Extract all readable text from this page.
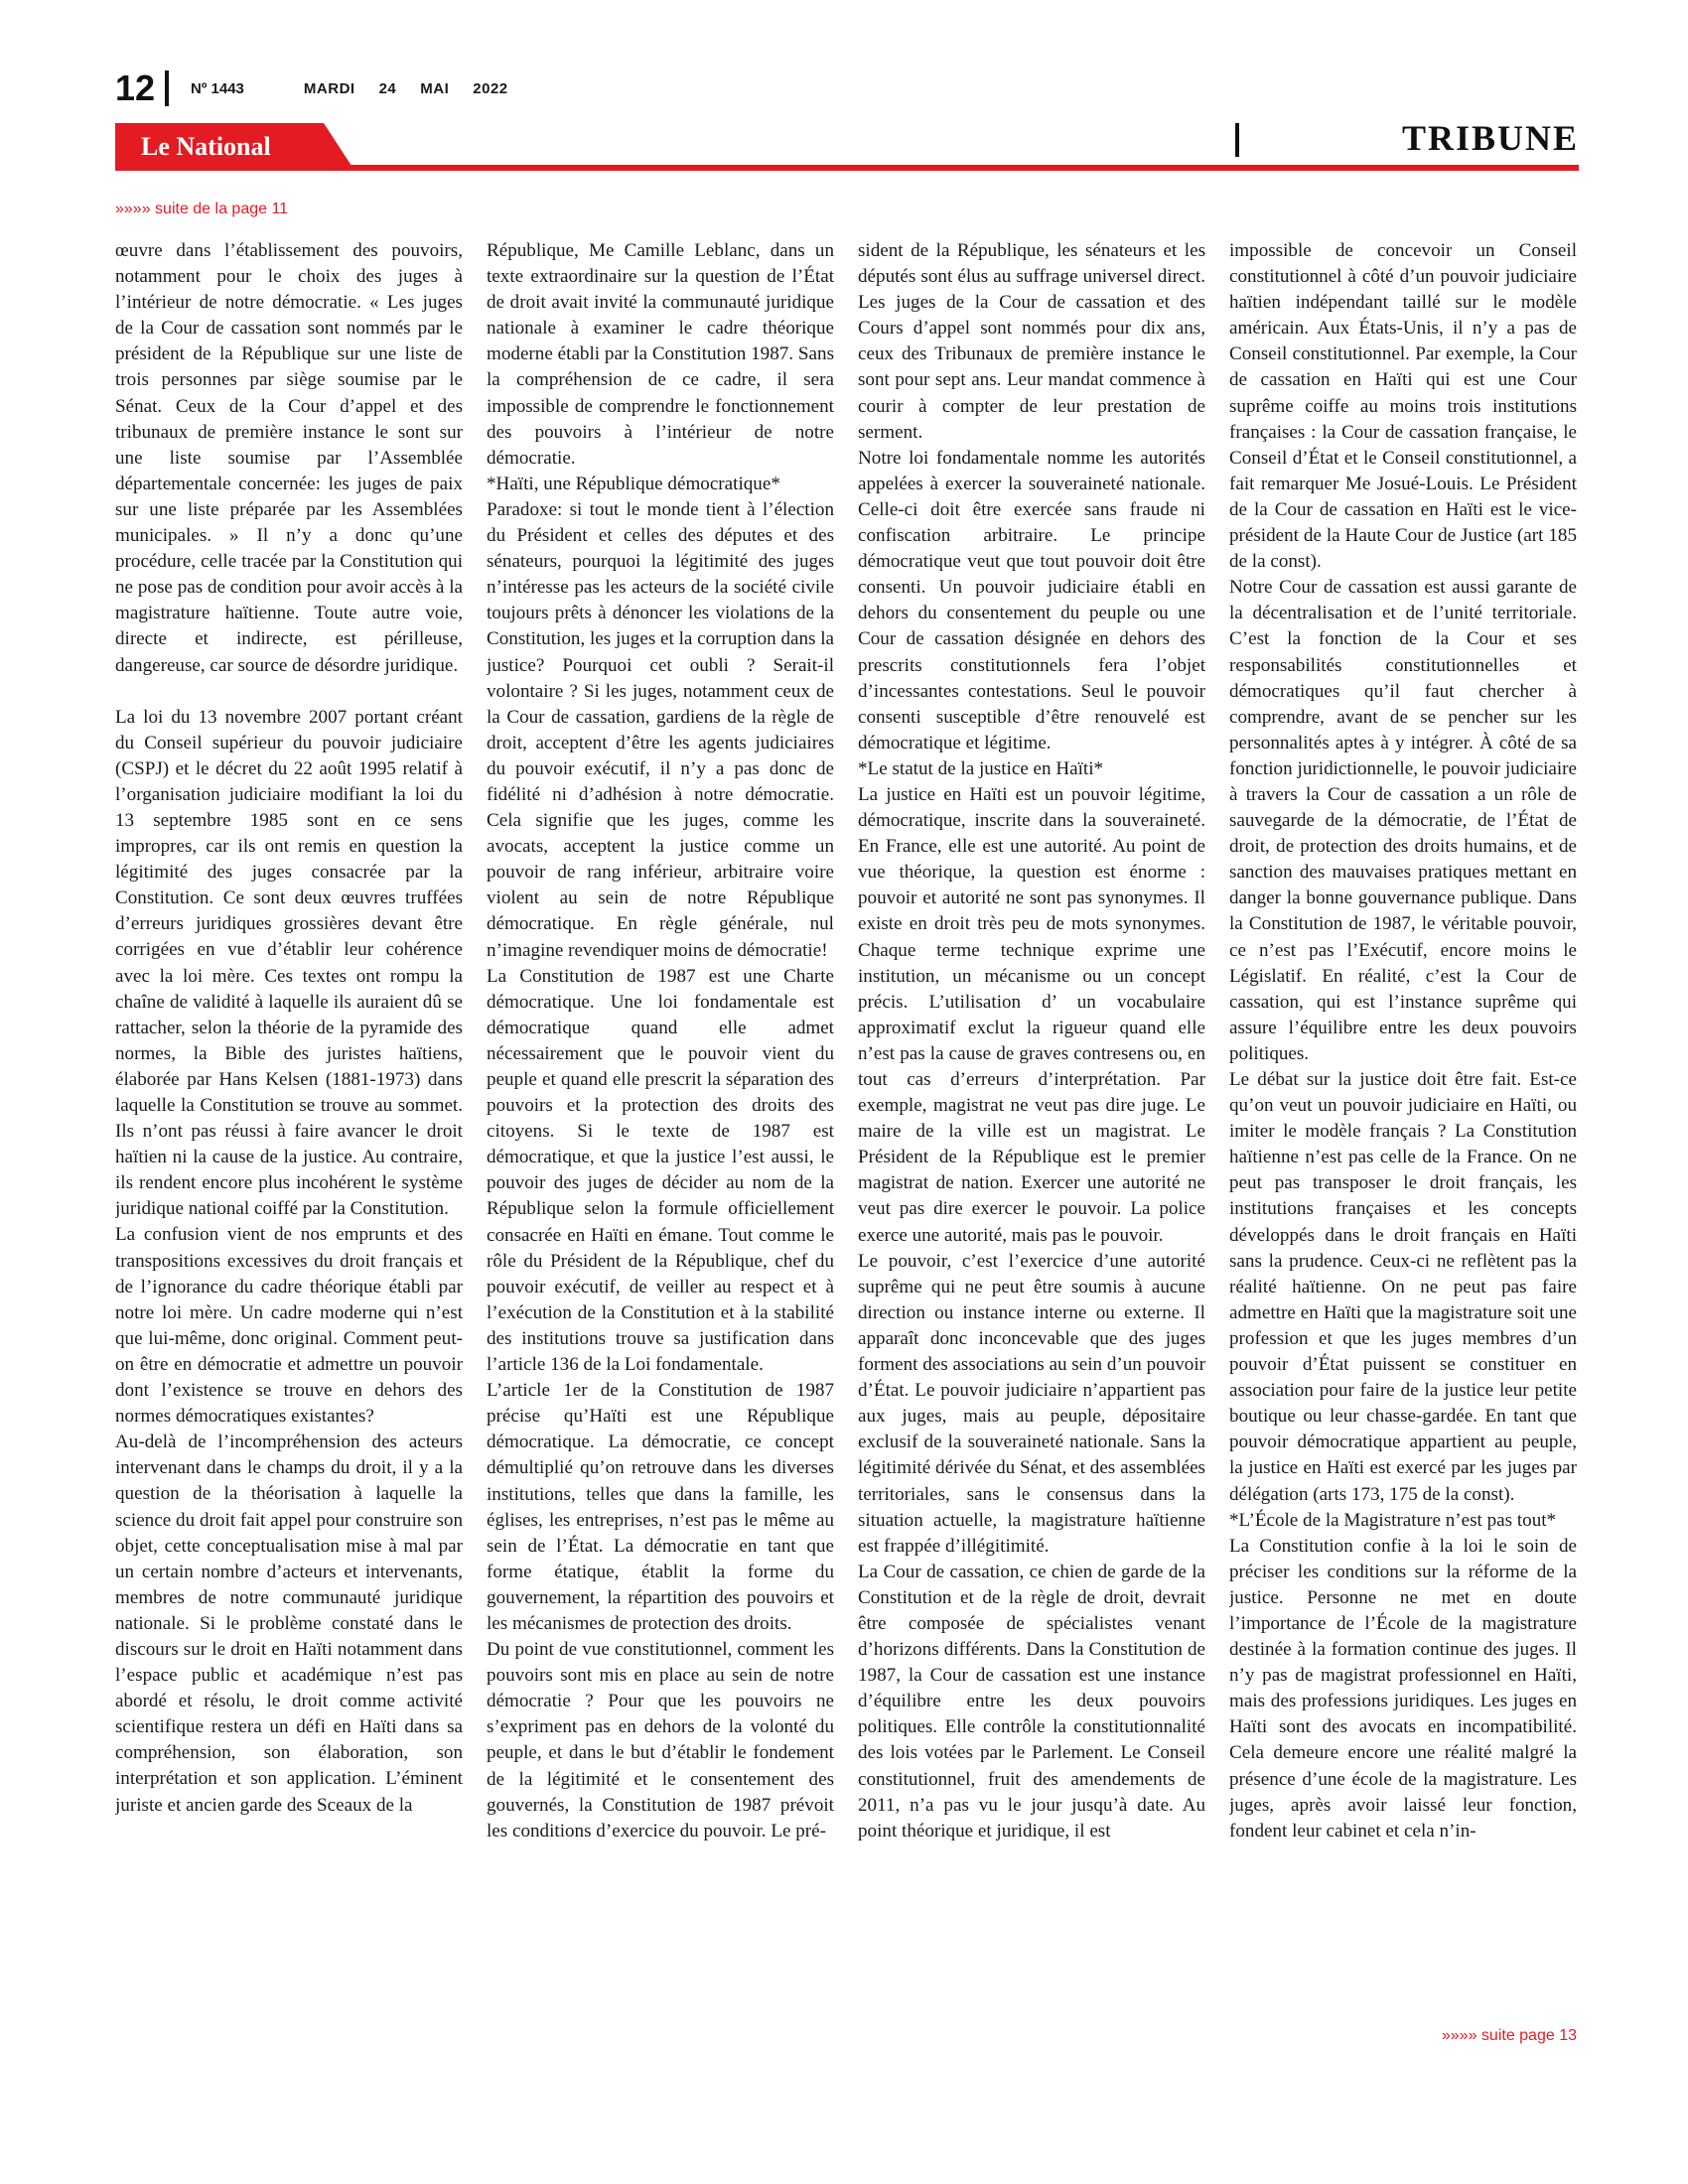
12 Nº 1443	MARDI 24 MAI 2022
Le National	TRIBUNE
»»»» suite de la page 11

œuvre dans l’établissement des pouvoirs, notamment pour le choix des juges à l’intérieur de notre démocratie. « Les juges de la Cour de cassation sont nommés par le président de la République sur une liste de trois personnes par siège soumise par le Sénat. Ceux de la Cour d’appel et des tribunaux de première instance le sont sur une liste soumise par l’Assemblée départementale concernée: les juges de paix sur une liste préparée par les Assemblées municipales. » Il n’y a donc qu’une procédure, celle tracée par la Constitution qui ne pose pas de condition pour avoir accès à la magistrature haïtienne. Toute autre voie, directe et indirecte, est périlleuse, dangereuse, car source de désordre juridique.

La loi du 13 novembre 2007 portant créant du Conseil supérieur du pouvoir judiciaire (CSPJ) et le décret du 22 août 1995 relatif à l’organisation judiciaire modifiant la loi du 13 septembre 1985 sont en ce sens impropres, car ils ont remis en question la légitimité des juges consacrée par la Constitution. Ce sont deux œuvres truffées d’erreurs juridiques grossières devant être corrigées en vue d’établir leur cohérence avec la loi mère. Ces textes ont rompu la chaîne de validité à laquelle ils auraient dû se rattacher, selon la théorie de la pyramide des normes, la Bible des juristes haïtiens, élaborée par Hans Kelsen (1881-1973) dans laquelle la Constitution se trouve au sommet. Ils n’ont pas réussi à faire avancer le droit haïtien ni la cause de la justice. Au contraire, ils rendent encore plus incohérent le système juridique national coiffé par la Constitution.

La confusion vient de nos emprunts et des transpositions excessives du droit français et de l’ignorance du cadre théorique établi par notre loi mère. Un cadre moderne qui n’est que lui-même, donc original. Comment peut-on être en démocratie et admettre un pouvoir dont l’existence se trouve en dehors des normes démocratiques existantes?

Au-delà de l’incompréhension des acteurs intervenant dans le champs du droit, il y a la question de la théorisation à laquelle la science du droit fait appel pour construire son objet, cette conceptualisation mise à mal par un certain nombre d’acteurs et intervenants, membres de notre communauté juridique nationale. Si le problème constaté dans le discours sur le droit en Haïti notamment dans l’espace public et académique n’est pas abordé et résolu, le droit comme activité scientifique restera un défi en Haïti dans sa compréhension, son élaboration, son interprétation et son application. L’éminent juriste et ancien garde des Sceaux de la

République, Me Camille Leblanc, dans un texte extraordinaire sur la question de l’État de droit avait invité la communauté juridique nationale à examiner le cadre théorique moderne établi par la Constitution 1987. Sans la compréhension de ce cadre, il sera impossible de comprendre le fonctionnement des pouvoirs à l’intérieur de notre démocratie.

*Haïti, une République démocratique*

Paradoxe: si tout le monde tient à l’élection du Président et celles des députes et des sénateurs, pourquoi la légitimité des juges n’intéresse pas les acteurs de la société civile toujours prêts à dénoncer les violations de la Constitution, les juges et la corruption dans la justice? Pourquoi cet oubli ? Serait-il volontaire ? Si les juges, notamment ceux de la Cour de cassation, gardiens de la règle de droit, acceptent d’être les agents judiciaires du pouvoir exécutif, il n’y a pas donc de fidélité ni d’adhésion à notre démocratie. Cela signifie que les juges, comme les avocats, acceptent la justice comme un pouvoir de rang inférieur, arbitraire voire violent au sein de notre République démocratique. En règle générale, nul n’imagine revendiquer moins de démocratie!

La Constitution de 1987 est une Charte démocratique. Une loi fondamentale est démocratique quand elle admet nécessairement que le pouvoir vient du peuple et quand elle prescrit la séparation des pouvoirs et la protection des droits des citoyens. Si le texte de 1987 est démocratique, et que la justice l’est aussi, le pouvoir des juges de décider au nom de la République selon la formule officiellement consacrée en Haïti en émane. Tout comme le rôle du Président de la République, chef du pouvoir exécutif, de veiller au respect et à l’exécution de la Constitution et à la stabilité des institutions trouve sa justification dans l’article 136 de la Loi fondamentale.

L’article 1er de la Constitution de 1987 précise qu’Haïti est une République démocratique. La démocratie, ce concept démultiplié qu’on retrouve dans les diverses institutions, telles que dans la famille, les églises, les entreprises, n’est pas le même au sein de l’État. La démocratie en tant que forme étatique, établit la forme du gouvernement, la répartition des pouvoirs et les mécanismes de protection des droits.

Du point de vue constitutionnel, comment les pouvoirs sont mis en place au sein de notre démocratie ? Pour que les pouvoirs ne s’expriment pas en dehors de la volonté du peuple, et dans le but d’établir le fondement de la légitimité et le consentement des gouvernés, la Constitution de 1987 prévoit les conditions d’exercice du pouvoir. Le pré-

sident de la République, les sénateurs et les députés sont élus au suffrage universel direct. Les juges de la Cour de cassation et des Cours d’appel sont nommés pour dix ans, ceux des Tribunaux de première instance le sont pour sept ans. Leur mandat commence à courir à compter de leur prestation de serment.

Notre loi fondamentale nomme les autorités appelées à exercer la souveraineté nationale. Celle-ci doit être exercée sans fraude ni confiscation arbitraire. Le principe démocratique veut que tout pouvoir doit être consenti. Un pouvoir judiciaire établi en dehors du consentement du peuple ou une Cour de cassation désignée en dehors des prescrits constitutionnels fera l’objet d’incessantes contestations. Seul le pouvoir consenti susceptible d’être renouvelé est démocratique et légitime.

*Le statut de la justice en Haïti*

La justice en Haïti est un pouvoir légitime, démocratique, inscrite dans la souveraineté. En France, elle est une autorité. Au point de vue théorique, la question est énorme : pouvoir et autorité ne sont pas synonymes. Il existe en droit très peu de mots synonymes. Chaque terme technique exprime une institution, un mécanisme ou un concept précis. L’utilisation d’ un vocabulaire approximatif exclut la rigueur quand elle n’est pas la cause de graves contresens ou, en tout cas d’erreurs d’interprétation. Par exemple, magistrat ne veut pas dire juge. Le maire de la ville est un magistrat. Le Président de la République est le premier magistrat de nation. Exercer une autorité ne veut pas dire exercer le pouvoir. La police exerce une autorité, mais pas le pouvoir.

Le pouvoir, c’est l’exercice d’une autorité suprême qui ne peut être soumis à aucune direction ou instance interne ou externe. Il apparaît donc inconcevable que des juges forment des associations au sein d’un pouvoir d’État. Le pouvoir judiciaire n’appartient pas aux juges, mais au peuple, dépositaire exclusif de la souveraineté nationale. Sans la légitimité dérivée du Sénat, et des assemblées territoriales, sans le consensus dans la situation actuelle, la magistrature haïtienne est frappée d’illégitimité.

La Cour de cassation, ce chien de garde de la Constitution et de la règle de droit, devrait être composée de spécialistes venant d’horizons différents. Dans la Constitution de 1987, la Cour de cassation est une instance d’équilibre entre les deux pouvoirs politiques. Elle contrôle la constitutionnalité des lois votées par le Parlement. Le Conseil constitutionnel, fruit des amendements de 2011, n’a pas vu le jour jusqu’à date. Au point théorique et juridique, il est

impossible de concevoir un Conseil constitutionnel à côté d’un pouvoir judiciaire haïtien indépendant taillé sur le modèle américain. Aux États-Unis, il n’y a pas de Conseil constitutionnel. Par exemple, la Cour de cassation en Haïti qui est une Cour suprême coiffe au moins trois institutions françaises : la Cour de cassation française, le Conseil d’État et le Conseil constitutionnel, a fait remarquer Me Josué-Louis. Le Président de la Cour de cassation en Haïti est le vice-président de la Haute Cour de Justice (art 185 de la const).

Notre Cour de cassation est aussi garante de la décentralisation et de l’unité territoriale. C’est la fonction de la Cour et ses responsabilités constitutionnelles et démocratiques qu’il faut chercher à comprendre, avant de se pencher sur les personnalités aptes à y intégrer. À côté de sa fonction juridictionnelle, le pouvoir judiciaire à travers la Cour de cassation a un rôle de sauvegarde de la démocratie, de l’État de droit, de protection des droits humains, et de sanction des mauvaises pratiques mettant en danger la bonne gouvernance publique. Dans la Constitution de 1987, le véritable pouvoir, ce n’est pas l’Exécutif, encore moins le Législatif. En réalité, c’est la Cour de cassation, qui est l’instance suprême qui assure l’équilibre entre les deux pouvoirs politiques.

Le débat sur la justice doit être fait. Est-ce qu’on veut un pouvoir judiciaire en Haïti, ou imiter le modèle français ? La Constitution haïtienne n’est pas celle de la France. On ne peut pas transposer le droit français, les institutions françaises et les concepts développés dans le droit français en Haïti sans la prudence. Ceux-ci ne reflètent pas la réalité haïtienne. On ne peut pas faire admettre en Haïti que la magistrature soit une profession et que les juges membres d’un pouvoir d’État puissent se constituer en association pour faire de la justice leur petite boutique ou leur chasse-gardée. En tant que pouvoir démocratique appartient au peuple, la justice en Haïti est exercé par les juges par délégation (arts 173, 175 de la const).

*L’École de la Magistrature n’est pas tout*

La Constitution confie à la loi le soin de préciser les conditions sur la réforme de la justice. Personne ne met en doute l’importance de l’École de la magistrature destinée à la formation continue des juges. Il n’y pas de magistrat professionnel en Haïti, mais des professions juridiques. Les juges en Haïti sont des avocats en incompatibilité. Cela demeure encore une réalité malgré la présence d’une école de la magistrature. Les juges, après avoir laissé leur fonction, fondent leur cabinet et cela n’in-

»»»» suite page 13
